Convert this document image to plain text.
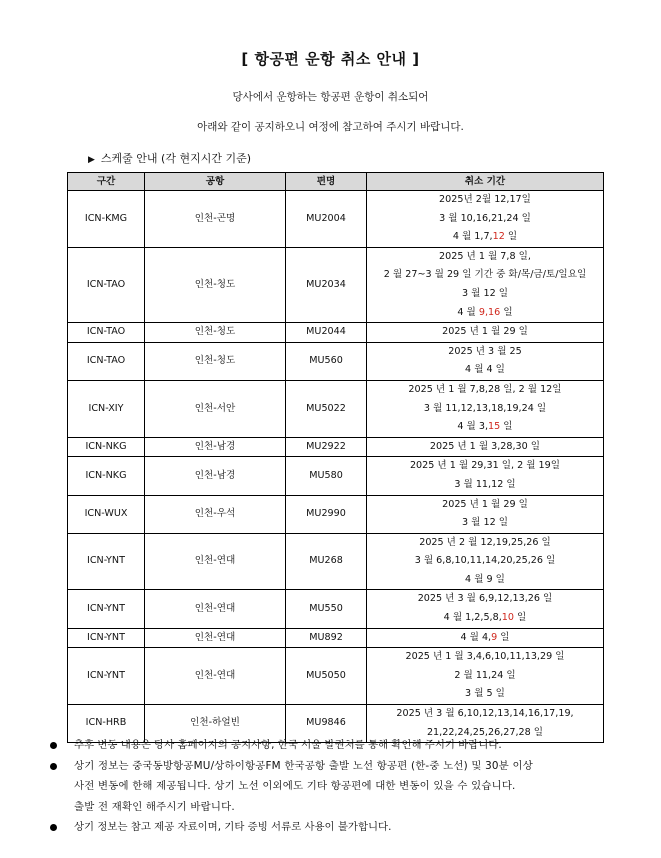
[ 항공편 운항 취소 안내 ]
당사에서 운항하는 항공편 운항이 취소되어
아래와 같이 공지하오니 여정에 참고하여 주시기 바랍니다.
▶ 스케줄 안내 (각 현지시간 기준)
구간	공항	편명	취소 기간
ICN-KMG	인천-곤명	MU2004	2025년 2월 12,17일
3 월 10,16,21,24 일
4 월 1,7,12 일

ICN-TAO	인천-청도	MU2034	2025 년 1 월 7,8 일,
2 월 27~3 월 29 일 기간 중 화/목/금/토/일요일
3 월 12 일
4 월 9,16 일

ICN-TAO	인천-청도	MU2044	2025 년 1 월 29 일

ICN-TAO	인천-청도	MU560	2025 년 3 월 25
4 월 4 일

ICN-XIY	인천-서안	MU5022	2025 년 1 월 7,8,28 일, 2 월 12일
3 월 11,12,13,18,19,24 일
4 월 3,15 일

ICN-NKG	인천-남경	MU2922	2025 년 1 월 3,28,30 일

ICN-NKG	인천-남경	MU580	2025 년 1 월 29,31 일, 2 월 19일
3 월 11,12 일

ICN-WUX	인천-우석	MU2990	2025 년 1 월 29 일
3 월 12 일

ICN-YNT	인천-연대	MU268	2025 년 2 월 12,19,25,26 일
3 월 6,8,10,11,14,20,25,26 일
4 월 9 일

ICN-YNT	인천-연대	MU550	2025 년 3 월 6,9,12,13,26 일
4 월 1,2,5,8,10 일

ICN-YNT	인천-연대	MU892	4 월 4,9 일

ICN-YNT	인천-연대	MU5050	2025 년 1 월 3,4,6,10,11,13,29 일
2 월 11,24 일
3 월 5 일

ICN-HRB	인천-하얼빈	MU9846	2025 년 3 월 6,10,12,13,14,16,17,19,
21,22,24,25,26,27,28 일
추후 변동 내용은 당사 홈페이지의 공지사항, 한국 서울 발권처를 통해 확인해 주시기 바랍니다.
상기 정보는 중국동방항공MU/상하이항공FM 한국공항 출발 노선 항공편 (한-중 노선) 및 30분 이상
사전 변동에 한해 제공됩니다. 상기 노선 이외에도 기타 항공편에 대한 변동이 있을 수 있습니다.
출발 전 재확인 해주시기 바랍니다.
상기 정보는 참고 제공 자료이며, 기타 증빙 서류로 사용이 불가합니다.
